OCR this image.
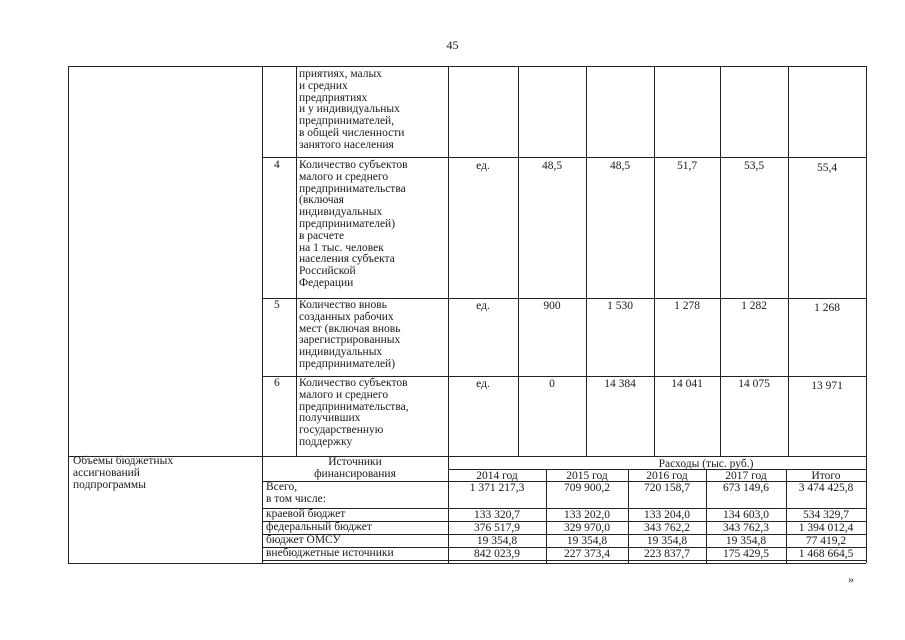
45
приятиях, малых
и средних
предприятиях
и у индивидуальных
предпринимателей,
в общей численности
занятого населения
4 Количество субъектов
малого и среднего
предпринимательства
(включая
индивидуальных
предпринимателей)
в расчете
на 1 тыс. человек
населения субъекта
Российской
Федерации
ед.	48,5	48,5	51,7	53,5	55,4
5 Количество вновь
созданных рабочих
мест (включая вновь
зарегистрированных
индивидуальных
предпринимателей)
ед.	900	1 530	1 278	1 282	1 268
6 Количество субъектов
малого и среднего
предпринимательства,
получивших
государственную
поддержку
ед.	0	14 384	14 041	14 075	13 971
Объемы бюджетных
ассигнований
подпрограммы
Источники
финансирования
Расходы (тыс. руб.)
2014 год	2015 год	2016 год	2017 год	Итого
Всего,
в том числе:
1 371 217,3	709 900,2	720 158,7	673 149,6	3 474 425,8
краевой бюджет	133 320,7	133 202,0	133 204,0	134 603,0	534 329,7
федеральный бюджет	376 517,9	329 970,0	343 762,2	343 762,3	1 394 012,4
бюджет ОМСУ	19 354,8	19 354,8	19 354,8	19 354,8	77 419,2
внебюджетные источники	842 023,9	227 373,4	223 837,7	175 429,5	1 468 664,5
»
